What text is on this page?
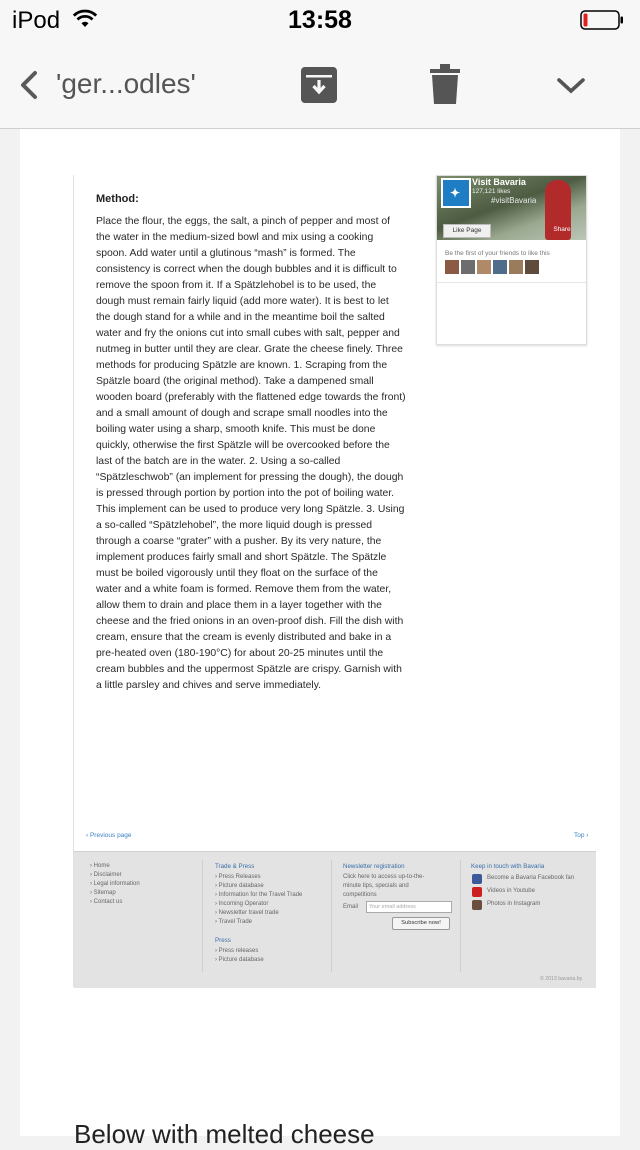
iPod	13:58
'ger...odles'
Method:

Place the flour, the eggs, the salt, a pinch of pepper and most of the water in the medium-sized bowl and mix using a cooking spoon. Add water until a glutinous “mash” is formed. The consistency is correct when the dough bubbles and it is difficult to remove the spoon from it. If a Spätzlehobel is to be used, the dough must remain fairly liquid (add more water). It is best to let the dough stand for a while and in the meantime boil the salted water and fry the onions cut into small cubes with salt, pepper and nutmeg in butter until they are clear. Grate the cheese finely. Three methods for producing Spätzle are known. 1. Scraping from the Spätzle board (the original method). Take a dampened small wooden board (preferably with the flattened edge towards the front) and a small amount of dough and scrape small noodles into the boiling water using a sharp, smooth knife. This must be done quickly, otherwise the first Spätzle will be overcooked before the last of the batch are in the water. 2. Using a so-called “Spätzleschwob” (an implement for pressing the dough), the dough is pressed through portion by portion into the pot of boiling water. This implement can be used to produce very long Spätzle. 3. Using a so-called “Spätzlehobel”, the more liquid dough is pressed through a coarse “grater” with a pusher. By its very nature, the implement produces fairly small and short Spätzle. The Spätzle must be boiled vigorously until they float on the surface of the water and a white foam is formed. Remove them from the water, allow them to drain and place them in a layer together with the cheese and the fried onions in an oven-proof dish. Fill the dish with cream, ensure that the cream is evenly distributed and bake in a pre-heated oven (180-190°C) for about 20-25 minutes until the cream bubbles and the uppermost Spätzle are crispy. Garnish with a little parsley and chives and serve immediately.

✦
Visit Bavaria
127,121 likes
#visitBavaria
Like Page	Share
Be the first of your friends to like this
‹ Previous page	Top ›
› Home
› Disclaimer
› Legal information
› Sitemap
› Contact us
Trade & Press
› Press Releases
› Picture database
› Information for the Travel Trade
› Incoming Operator
› Newsletter travel trade
› Travel Trade
Press
› Press releases
› Picture database
Newsletter registration
Click here to access up-to-the-
minute tips, specials and
competitions
Email	Your email address
Subscribe now!
Keep in touch with Bavaria
Become a Bavaria Facebook fan
Videos in Youtube
Photos in Instagram
© 2013 bavaria.by
Below with melted cheese
